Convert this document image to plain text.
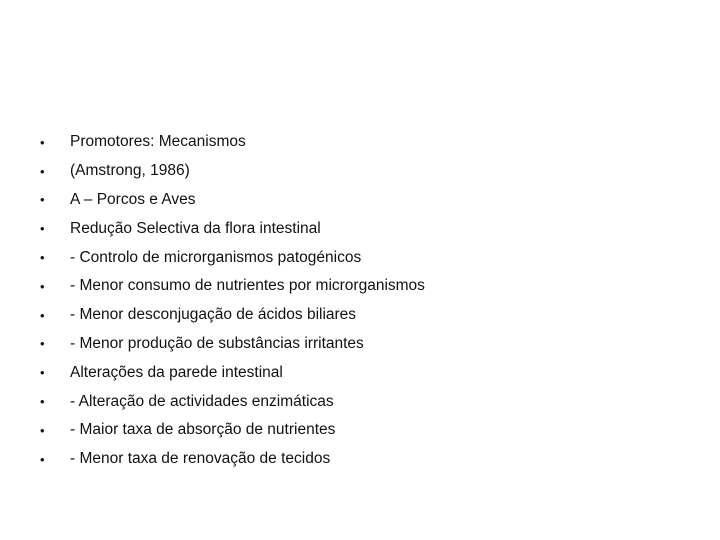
•	Promotores: Mecanismos
•	(Amstrong, 1986)
•	A – Porcos e Aves
•	Redução Selectiva da flora intestinal
•	- Controlo de microrganismos patogénicos
•	- Menor consumo de nutrientes por microrganismos
•	- Menor desconjugação de ácidos biliares
•	- Menor produção de substâncias irritantes
•	Alterações da parede intestinal
•	- Alteração de actividades enzimáticas
•	- Maior taxa de absorção de nutrientes
•	- Menor taxa de renovação de tecidos
